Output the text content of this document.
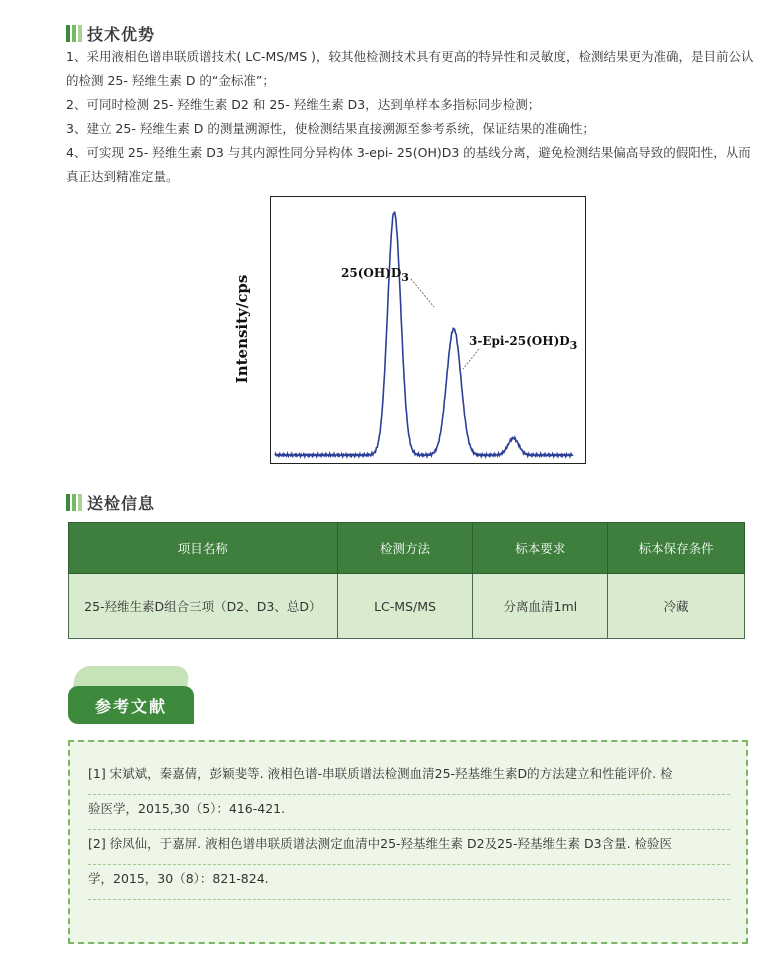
技术优势

1、采用液相色谱串联质谱技术( LC-MS/MS )，较其他检测技术具有更高的特异性和灵敏度，检测结果更为准确，是目前公认的检测 25- 羟维生素 D 的“金标准”；

2、可同时检测 25- 羟维生素 D2 和 25- 羟维生素 D3，达到单样本多指标同步检测；

3、建立 25- 羟维生素 D 的测量溯源性，使检测结果直接溯源至参考系统，保证结果的准确性；

4、可实现 25- 羟维生素 D3 与其内源性同分异构体 3-epi- 25(OH)D3 的基线分离，避免检测结果偏高导致的假阳性，从而真正达到精准定量。

Intensity/cps
25(OH)D3
3-Epi-25(OH)D3
送检信息
项目名称	检测方法	标本要求	标本保存条件
25-羟维生素D组合三项（D2、D3、总D）	LC-MS/MS	分离血清1ml	冷藏
参考文献
[1] 宋斌斌，秦嘉倩，彭颖斐等. 液相色谱-串联质谱法检测血清25-羟基维生素D的方法建立和性能评价. 检
验医学，2015,30（5）：416-421.
[2] 徐凤仙，于嘉屏. 液相色谱串联质谱法测定血清中25-羟基维生素 D2及25-羟基维生素 D3含量. 检验医
学，2015，30（8）：821-824.
